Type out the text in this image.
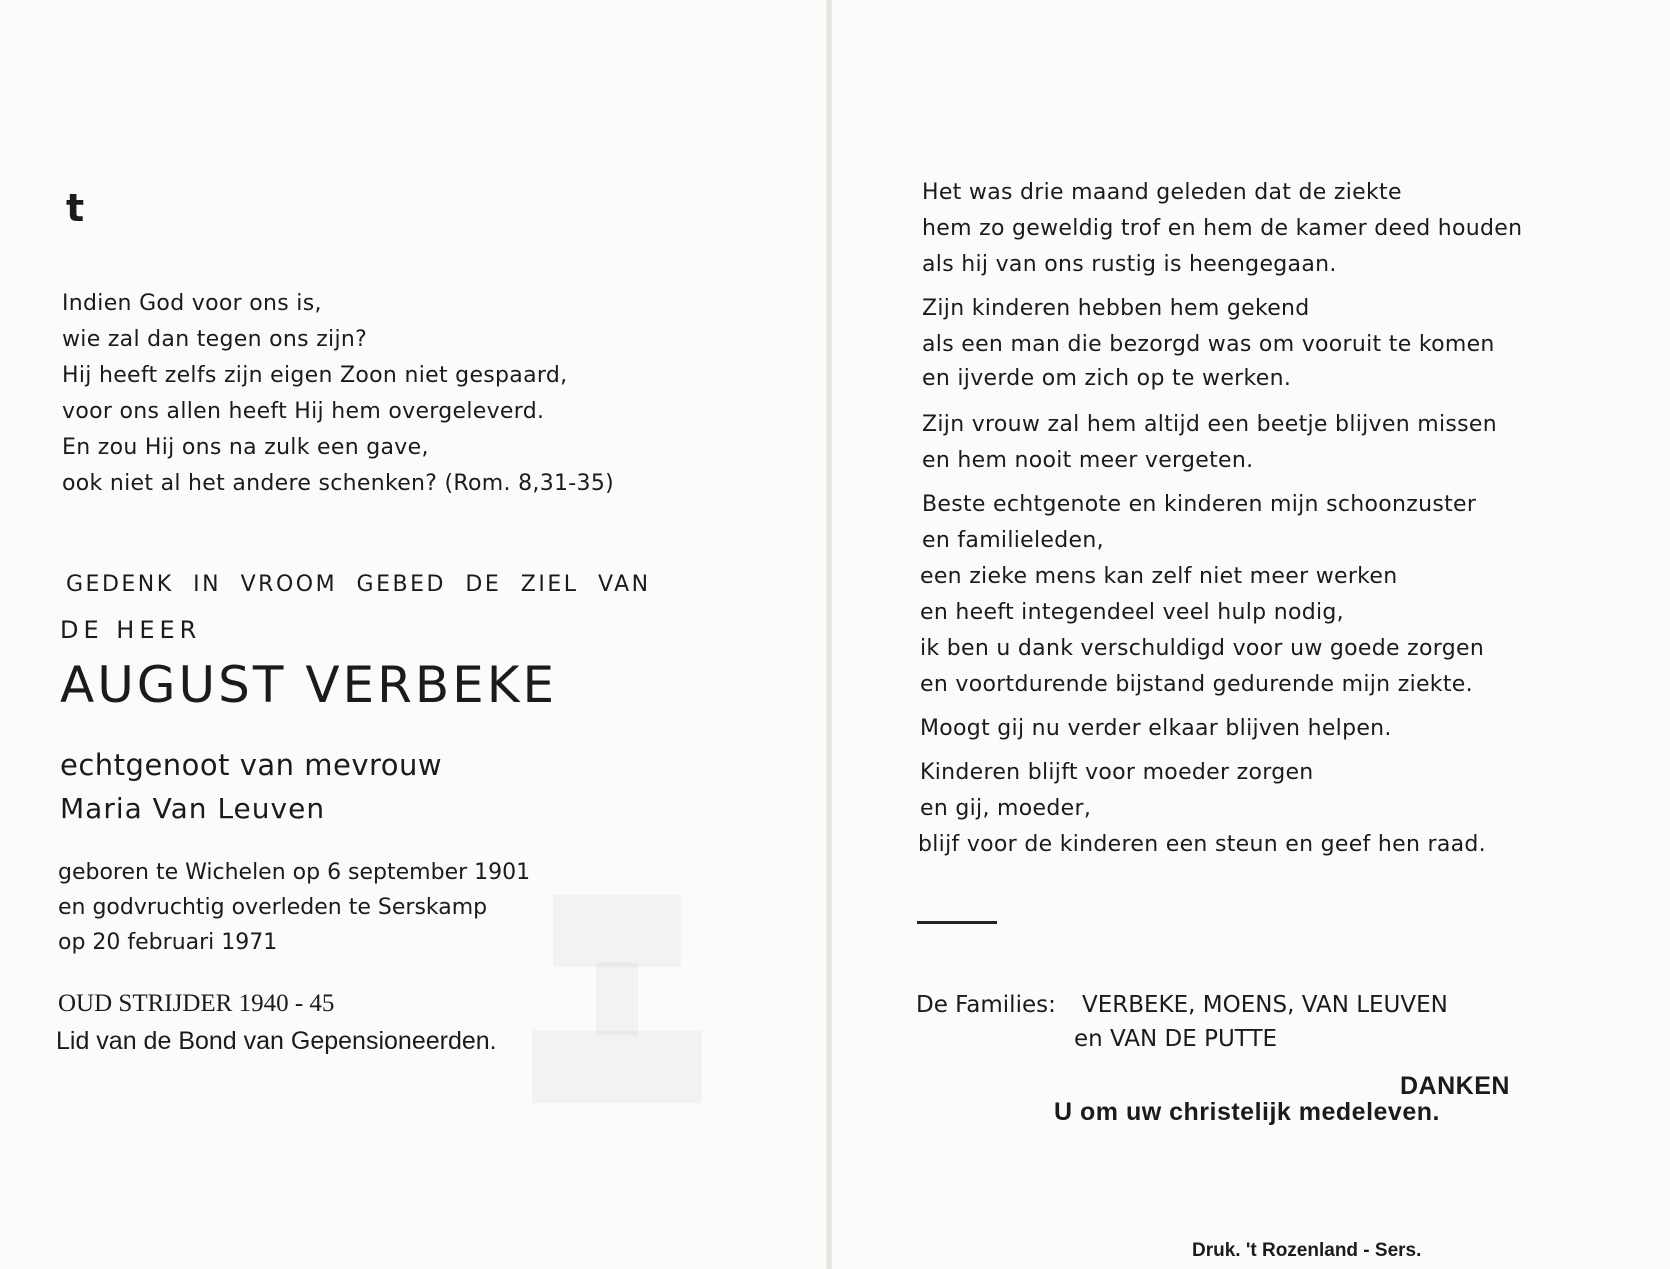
t
Indien God voor ons is,
wie zal dan tegen ons zijn?
Hij heeft zelfs zijn eigen Zoon niet gespaard,
voor ons allen heeft Hij hem overgeleverd.
En zou Hij ons na zulk een gave,
ook niet al het andere schenken? (Rom. 8,31-35)
GEDENK IN VROOM GEBED DE ZIEL VAN
DE HEER
AUGUST VERBEKE
echtgenoot van mevrouw
Maria Van Leuven
geboren te Wichelen op 6 september 1901
en godvruchtig overleden te Serskamp
op 20 februari 1971
OUD STRIJDER 1940 - 45
Lid van de Bond van Gepensioneerden.
Het was drie maand geleden dat de ziekte
hem zo geweldig trof en hem de kamer deed houden
als hij van ons rustig is heengegaan.
Zijn kinderen hebben hem gekend
als een man die bezorgd was om vooruit te komen
en ijverde om zich op te werken.
Zijn vrouw zal hem altijd een beetje blijven missen
en hem nooit meer vergeten.
Beste echtgenote en kinderen mijn schoonzuster
en familieleden,
een zieke mens kan zelf niet meer werken
en heeft integendeel veel hulp nodig,
ik ben u dank verschuldigd voor uw goede zorgen
en voortdurende bijstand gedurende mijn ziekte.
Moogt gij nu verder elkaar blijven helpen.
Kinderen blijft voor moeder zorgen
en gij, moeder,
blijf voor de kinderen een steun en geef hen raad.
De Families: VERBEKE, MOENS, VAN LEUVEN
en VAN DE PUTTE
DANKEN
U om uw christelijk medeleven.
Druk. 't Rozenland - Sers.
